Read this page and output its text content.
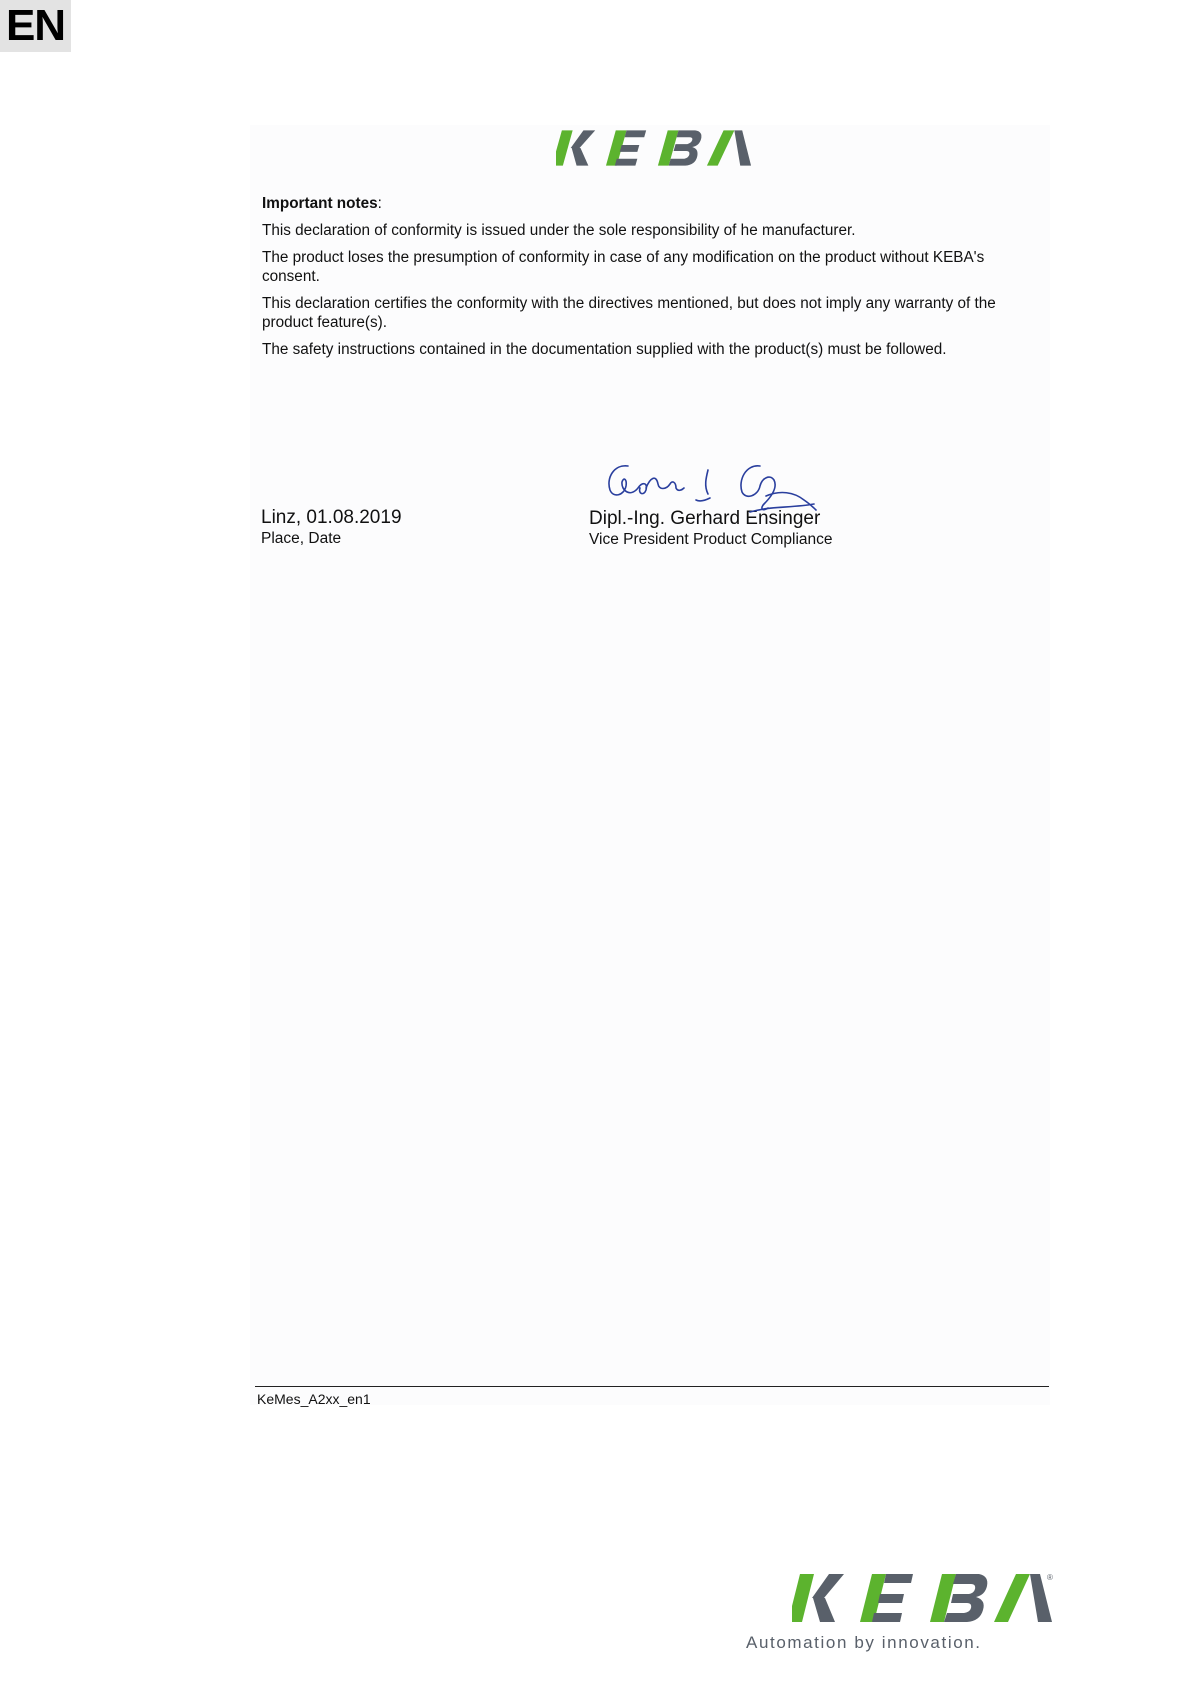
EN

Important notes:

This declaration of conformity is issued under the sole responsibility of he manufacturer.

The product loses the presumption of conformity in case of any modification on the product without KEBA's consent.

This declaration certifies the conformity with the directives mentioned, but does not imply any warranty of the product feature(s).

The safety instructions contained in the documentation supplied with the product(s) must be followed.

Linz, 01.08.2019
Place, Date
Dipl.-Ing. Gerhard Ensinger
Vice President Product Compliance
KeMes_A2xx_en1
®
Automation by innovation.
